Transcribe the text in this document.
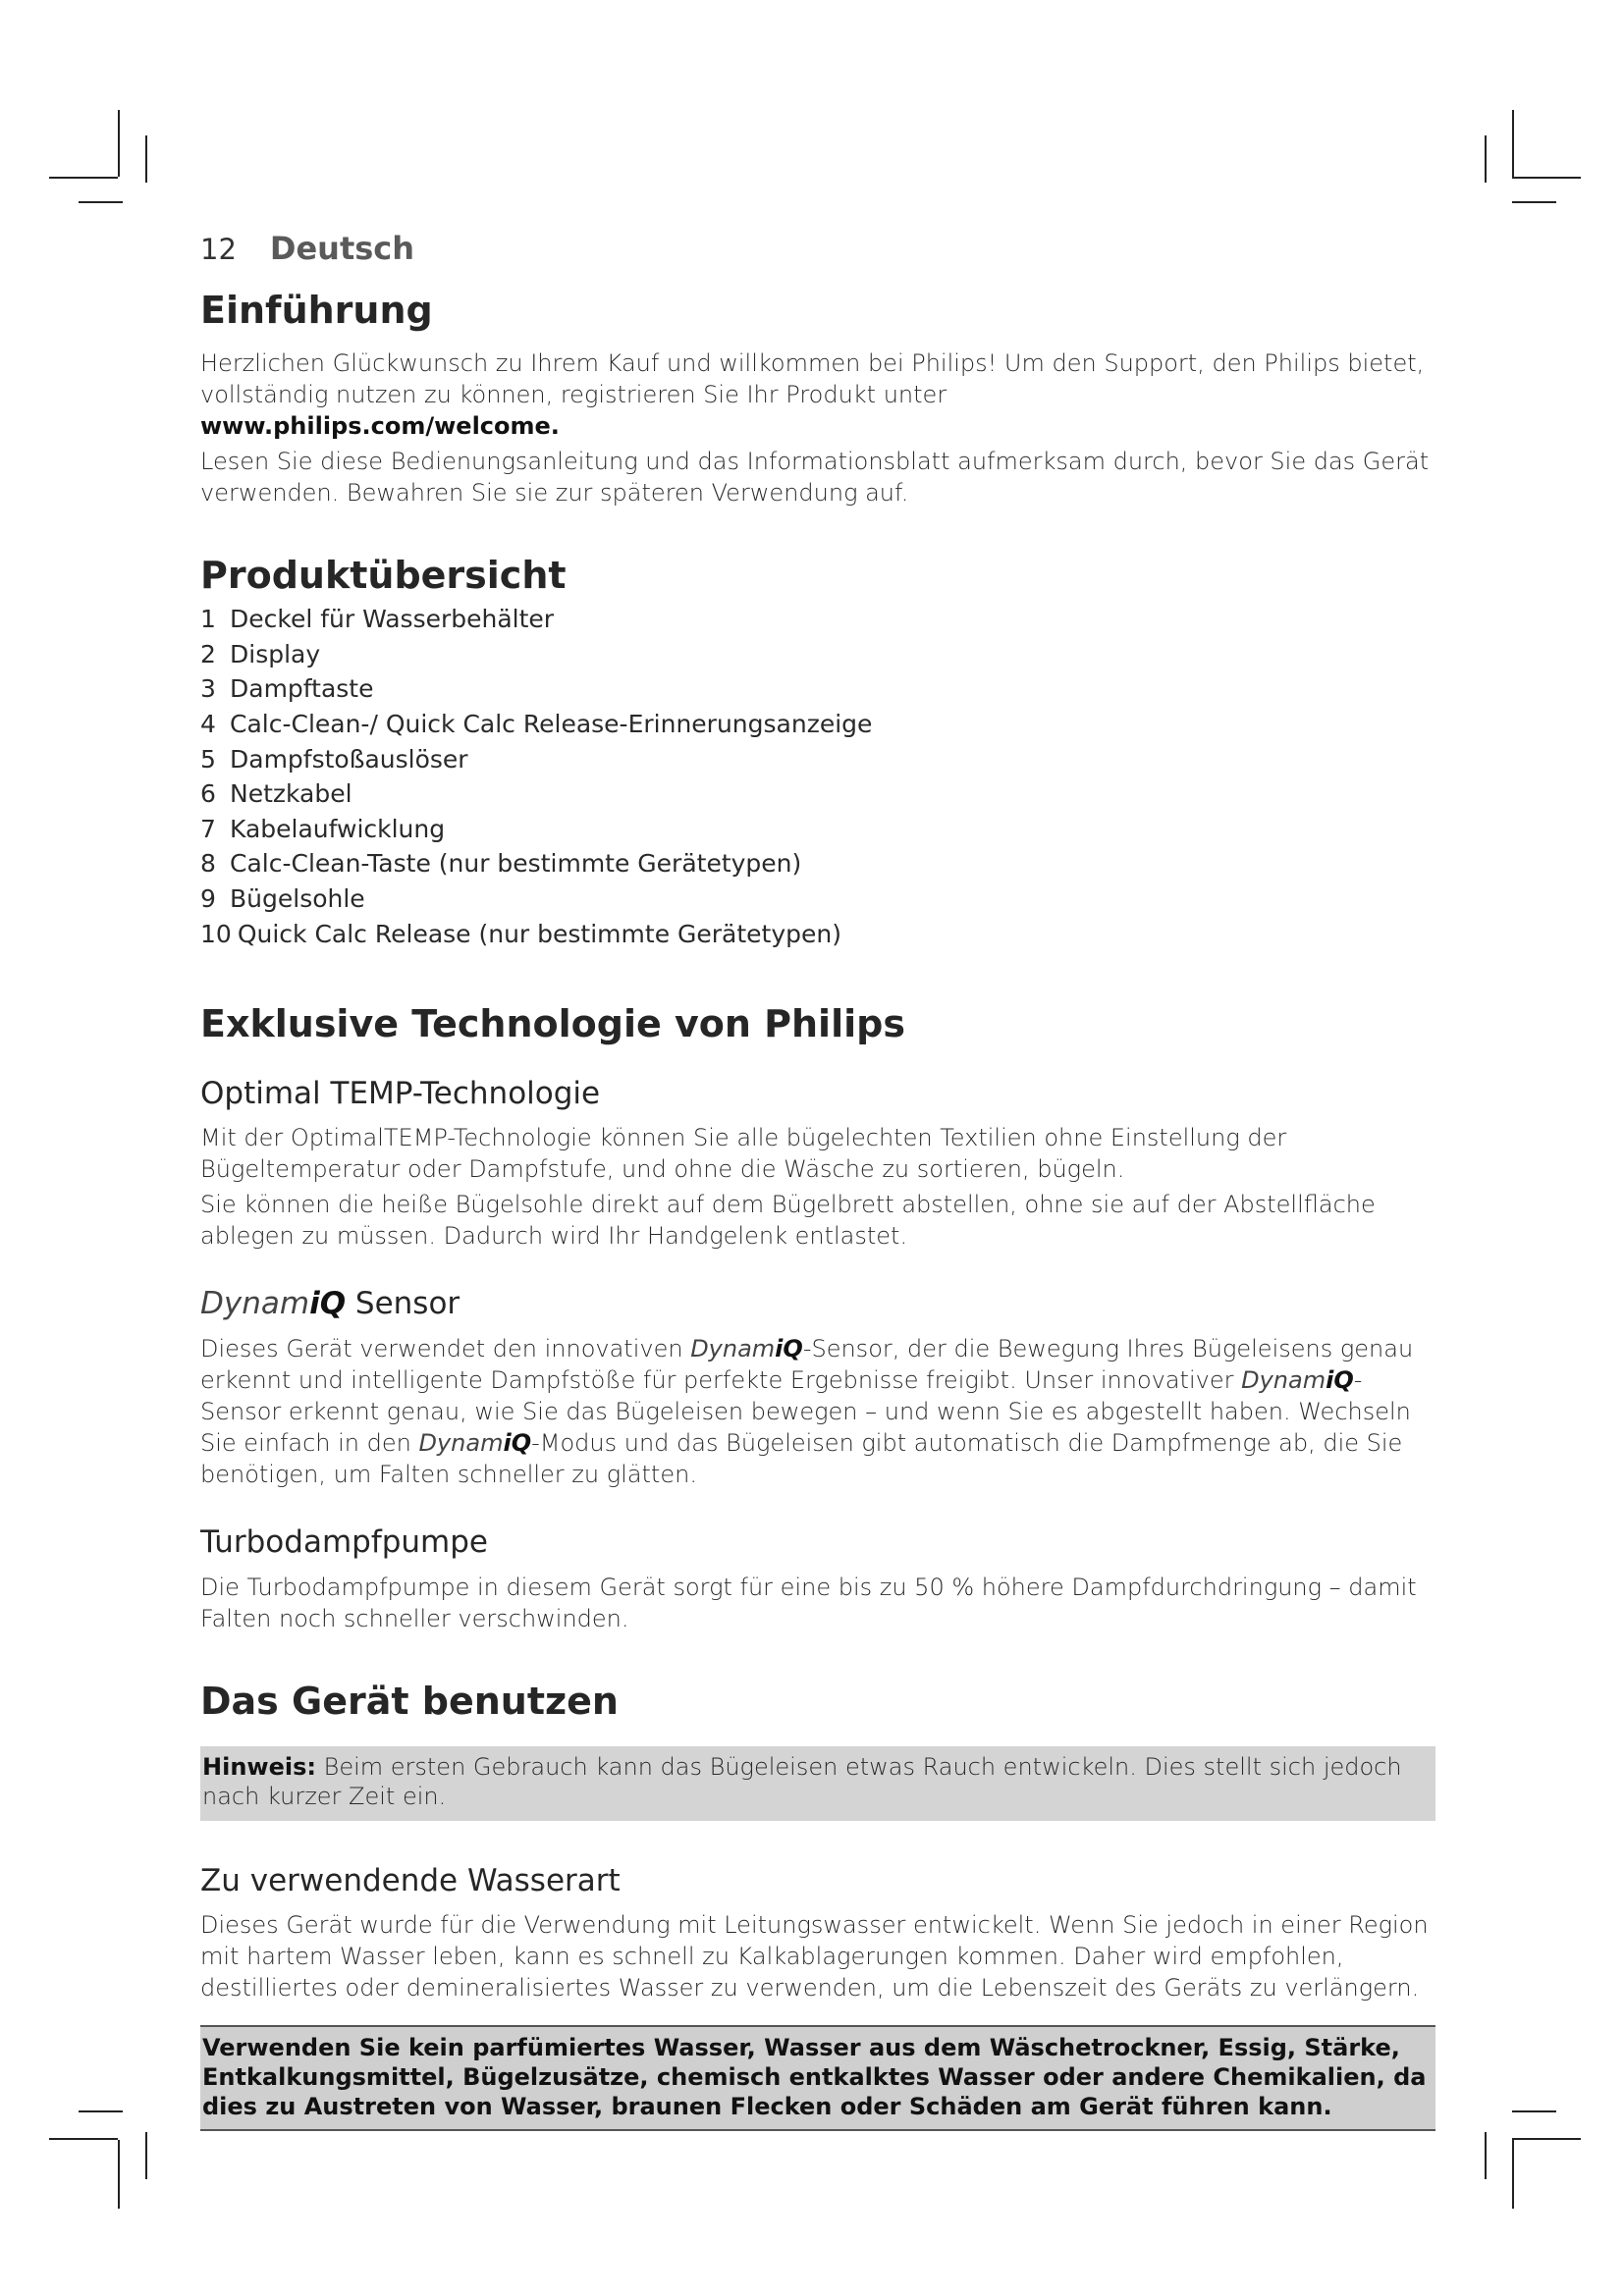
12 Deutsch
Einführung

Herzlichen Glückwunsch zu Ihrem Kauf und willkommen bei Philips! Um den Support, den Philips bietet, vollständig nutzen zu können, registrieren Sie Ihr Produkt unter
www.philips.com/welcome.

Lesen Sie diese Bedienungsanleitung und das Informationsblatt aufmerksam durch, bevor Sie das Gerät verwenden. Bewahren Sie sie zur späteren Verwendung auf.

Produktübersicht
1 Deckel für Wasserbehälter
2 Display
3 Dampftaste
4 Calc-Clean-/ Quick Calc Release-Erinnerungsanzeige
5 Dampfstoßauslöser
6 Netzkabel
7 Kabelaufwicklung
8 Calc-Clean-Taste (nur bestimmte Gerätetypen)
9 Bügelsohle
10 Quick Calc Release (nur bestimmte Gerätetypen)
Exklusive Technologie von Philips
Optimal TEMP-Technologie

Mit der OptimalTEMP-Technologie können Sie alle bügelechten Textilien ohne Einstellung der Bügeltemperatur oder Dampfstufe, und ohne die Wäsche zu sortieren, bügeln.

Sie können die heiße Bügelsohle direkt auf dem Bügelbrett abstellen, ohne sie auf der Abstellfläche ablegen zu müssen. Dadurch wird Ihr Handgelenk entlastet.

DynamiQ Sensor

Dieses Gerät verwendet den innovativen DynamiQ-Sensor, der die Bewegung Ihres Bügeleisens genau erkennt und intelligente Dampfstöße für perfekte Ergebnisse freigibt. Unser innovativer DynamiQ-Sensor erkennt genau, wie Sie das Bügeleisen bewegen – und wenn Sie es abgestellt haben. Wechseln Sie einfach in den DynamiQ-Modus und das Bügeleisen gibt automatisch die Dampfmenge ab, die Sie benötigen, um Falten schneller zu glätten.

Turbodampfpumpe

Die Turbodampfpumpe in diesem Gerät sorgt für eine bis zu 50 % höhere Dampfdurchdringung – damit Falten noch schneller verschwinden.

Das Gerät benutzen
Hinweis: Beim ersten Gebrauch kann das Bügeleisen etwas Rauch entwickeln. Dies stellt sich jedoch nach kurzer Zeit ein.
Zu verwendende Wasserart

Dieses Gerät wurde für die Verwendung mit Leitungswasser entwickelt. Wenn Sie jedoch in einer Region mit hartem Wasser leben, kann es schnell zu Kalkablagerungen kommen. Daher wird empfohlen, destilliertes oder demineralisiertes Wasser zu verwenden, um die Lebenszeit des Geräts zu verlängern.

Verwenden Sie kein parfümiertes Wasser, Wasser aus dem Wäschetrockner, Essig, Stärke, Entkalkungsmittel, Bügelzusätze, chemisch entkalktes Wasser oder andere Chemikalien, da dies zu Austreten von Wasser, braunen Flecken oder Schäden am Gerät führen kann.
